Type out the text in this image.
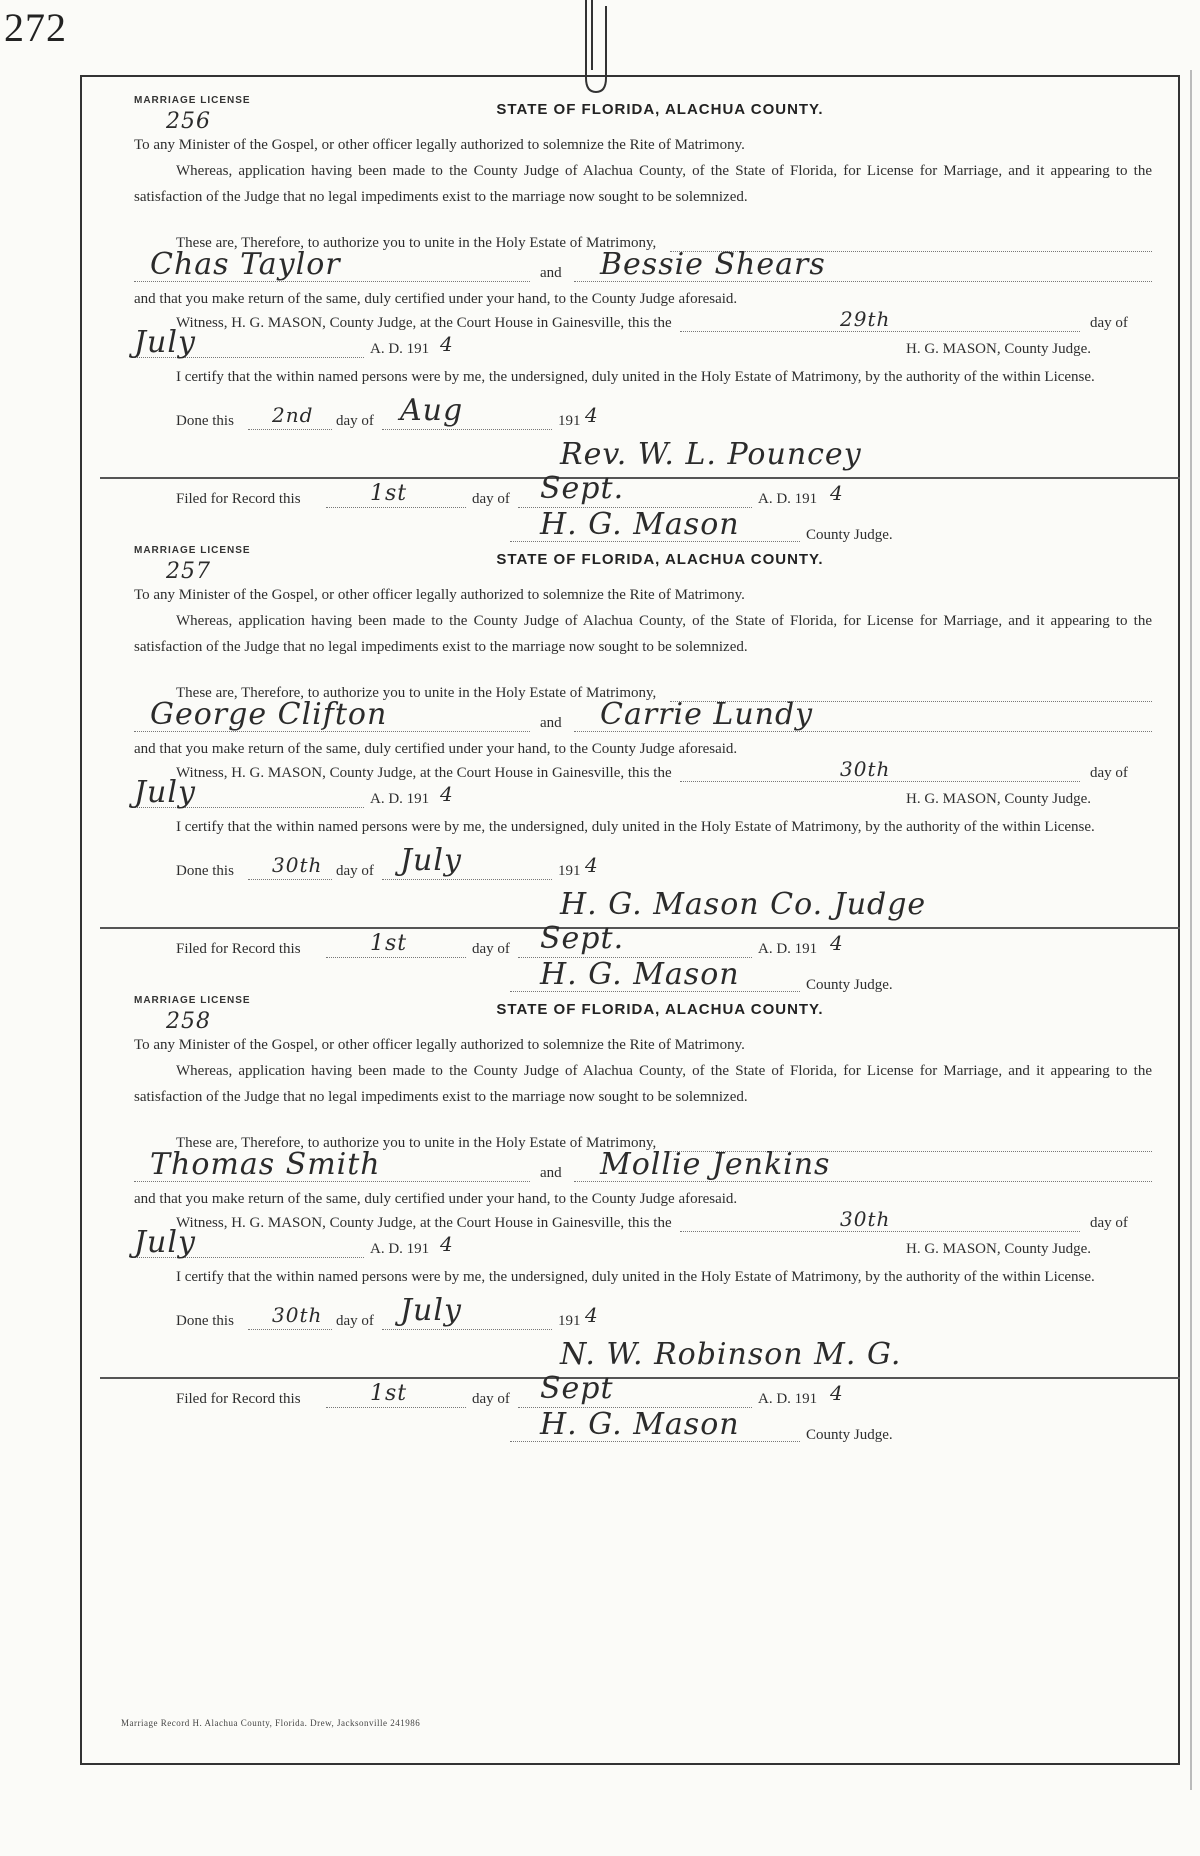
272
MARRIAGE LICENSE
256	STATE OF FLORIDA, ALACHUA COUNTY.
To any Minister of the Gospel, or other officer legally authorized to solemnize the Rite of Matrimony.
Whereas, application having been made to the County Judge of Alachua County, of the State of Florida, for License for Marriage, and it appearing to the satisfaction of the Judge that no legal impediments exist to the marriage now sought to be solemnized.
These are, Therefore, to authorize you to unite in the Holy Estate of Matrimony,
Chas Taylor	and Bessie Shears
and that you make return of the same, duly certified under your hand, to the County Judge aforesaid.
Witness, H. G. MASON, County Judge, at the Court House in Gainesville, this the	29th	day of
July	A. D. 191 4	H. G. MASON, County Judge.
I certify that the within named persons were by me, the undersigned, duly united in the Holy Estate of Matrimony, by the authority of the within License.
Done this 2nd day of Aug	191 4
Rev. W. L. Pouncey
Filed for Record this	1st	day of Sept.	A. D. 191 4
H. G. Mason	County Judge.
MARRIAGE LICENSE
257	STATE OF FLORIDA, ALACHUA COUNTY.
To any Minister of the Gospel, or other officer legally authorized to solemnize the Rite of Matrimony.
Whereas, application having been made to the County Judge of Alachua County, of the State of Florida, for License for Marriage, and it appearing to the satisfaction of the Judge that no legal impediments exist to the marriage now sought to be solemnized.
These are, Therefore, to authorize you to unite in the Holy Estate of Matrimony,
George Clifton	and Carrie Lundy
and that you make return of the same, duly certified under your hand, to the County Judge aforesaid.
Witness, H. G. MASON, County Judge, at the Court House in Gainesville, this the	30th	day of
July	A. D. 191 4	H. G. MASON, County Judge.
I certify that the within named persons were by me, the undersigned, duly united in the Holy Estate of Matrimony, by the authority of the within License.
Done this 30th day of July	191 4
H. G. Mason Co. Judge
Filed for Record this	1st	day of Sept.	A. D. 191 4
H. G. Mason	County Judge.
MARRIAGE LICENSE
258	STATE OF FLORIDA, ALACHUA COUNTY.
To any Minister of the Gospel, or other officer legally authorized to solemnize the Rite of Matrimony.
Whereas, application having been made to the County Judge of Alachua County, of the State of Florida, for License for Marriage, and it appearing to the satisfaction of the Judge that no legal impediments exist to the marriage now sought to be solemnized.
These are, Therefore, to authorize you to unite in the Holy Estate of Matrimony,
Thomas Smith	and Mollie Jenkins
and that you make return of the same, duly certified under your hand, to the County Judge aforesaid.
Witness, H. G. MASON, County Judge, at the Court House in Gainesville, this the	30th	day of
July	A. D. 191 4	H. G. MASON, County Judge.
I certify that the within named persons were by me, the undersigned, duly united in the Holy Estate of Matrimony, by the authority of the within License.
Done this 30th day of July	191 4
N. W. Robinson M. G.
Filed for Record this	1st	day of Sept	A. D. 191 4
H. G. Mason	County Judge.
Marriage Record H. Alachua County, Florida. Drew, Jacksonville 241986
